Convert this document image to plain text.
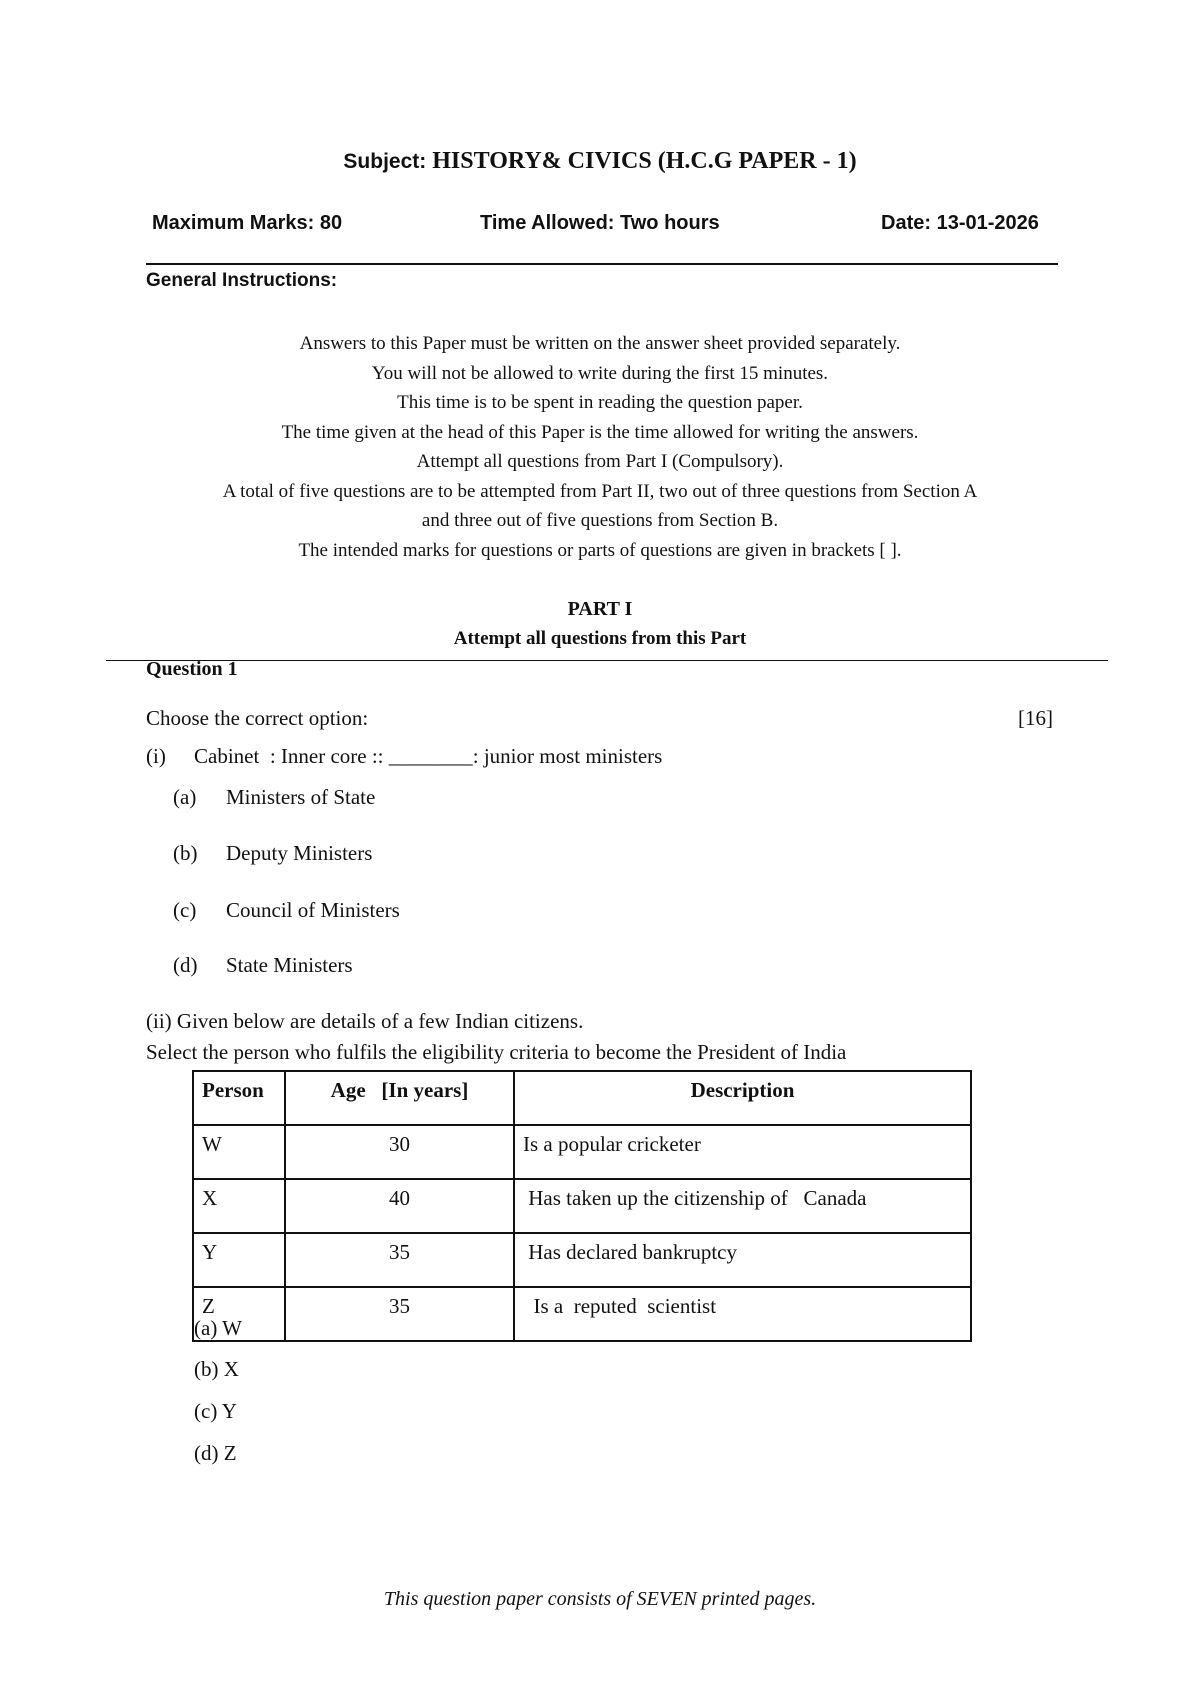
Subject: HISTORY& CIVICS (H.C.G PAPER - 1)
Maximum Marks: 80	Time Allowed: Two hours	Date: 13-01-2026
General Instructions:
Answers to this Paper must be written on the answer sheet provided separately.
You will not be allowed to write during the first 15 minutes.
This time is to be spent in reading the question paper.
The time given at the head of this Paper is the time allowed for writing the answers.
Attempt all questions from Part I (Compulsory).
A total of five questions are to be attempted from Part II, two out of three questions from Section A
and three out of five questions from Section B.
The intended marks for questions or parts of questions are given in brackets [ ].
PART I
Attempt all questions from this Part
Question 1
Choose the correct option:	[16]
(i) Cabinet  : Inner core :: ________: junior most ministers
(a) Ministers of State
(b) Deputy Ministers
(c) Council of Ministers
(d) State Ministers
(ii) Given below are details of a few Indian citizens.
Select the person who fulfils the eligibility criteria to become the President of India
Person	Age   [In years]	Description
W	30	Is a popular cricketer
X	40	Has taken up the citizenship of   Canada
Y	35	Has declared bankruptcy
Z	35	Is a  reputed  scientist
(a) W
(b) X
(c) Y
(d) Z
This question paper consists of SEVEN printed pages.
